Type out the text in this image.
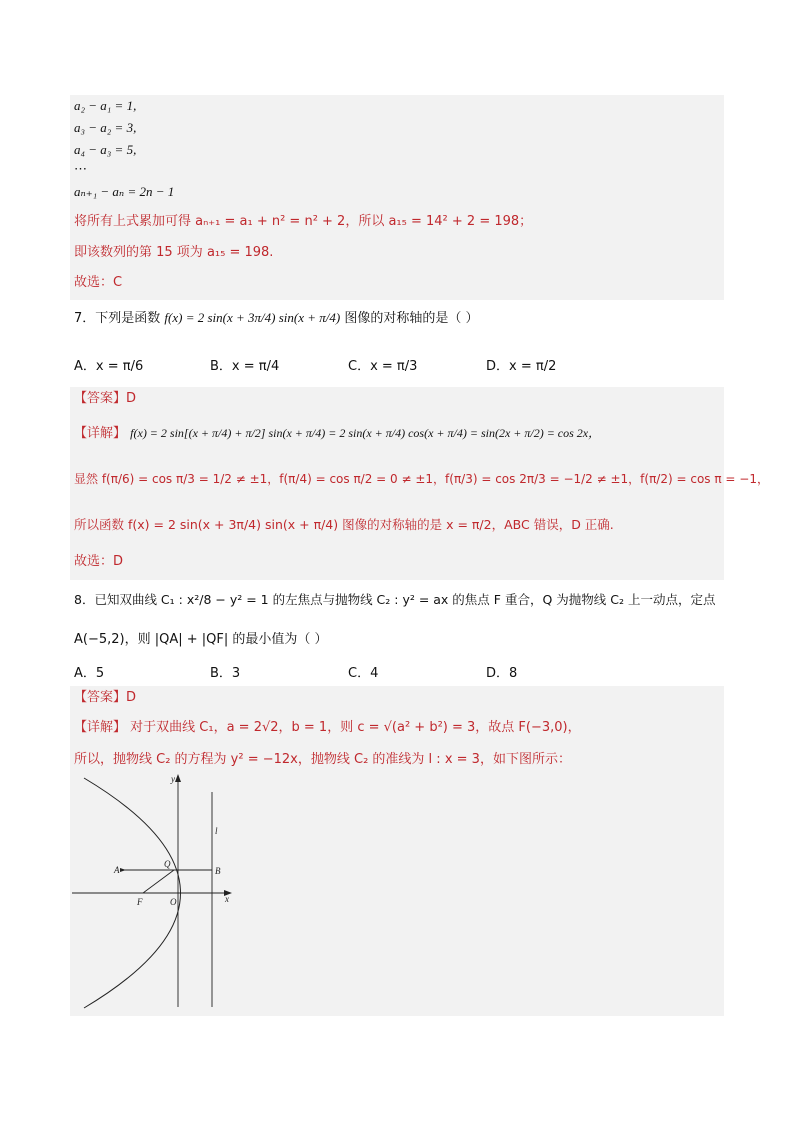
a₂ − a₁ = 1,
a₃ − a₂ = 3,
a₄ − a₃ = 5,
⋯
aₙ₊₁ − aₙ = 2n − 1
将所有上式累加可得 aₙ₊₁ = a₁ + n² = n² + 2，所以 a₁₅ = 14² + 2 = 198；
即该数列的第 15 项为 a₁₅ = 198.
故选：C
7．下列是函数 f(x) = 2 sin(x + 3π/4) sin(x + π/4) 图像的对称轴的是（ ）
A．x = π/6	B．x = π/4	C．x = π/3	D．x = π/2
【答案】D
【详解】 f(x) = 2 sin[(x + π/4) + π/2] sin(x + π/4) = 2 sin(x + π/4) cos(x + π/4) = sin(2x + π/2) = cos 2x，
显然 f(π/6) = cos π/3 = 1/2 ≠ ±1，f(π/4) = cos π/2 = 0 ≠ ±1，f(π/3) = cos 2π/3 = −1/2 ≠ ±1，f(π/2) = cos π = −1，
所以函数 f(x) = 2 sin(x + 3π/4) sin(x + π/4) 图像的对称轴的是 x = π/2，ABC 错误，D 正确.
故选：D
8．已知双曲线 C₁ : x²/8 − y² = 1 的左焦点与抛物线 C₂ : y² = ax 的焦点 F 重合，Q 为抛物线 C₂ 上一动点，定点
A(−5,2)，则 |QA| + |QF| 的最小值为（ ）
A．5	B．3	C．4	D．8
【答案】D
【详解】 对于双曲线 C₁，a = 2√2，b = 1，则 c = √(a² + b²) = 3，故点 F(−3,0)，
所以，抛物线 C₂ 的方程为 y² = −12x，抛物线 C₂ 的准线为 l : x = 3，如下图所示：
y
x
l
A
Q
B
F	O
